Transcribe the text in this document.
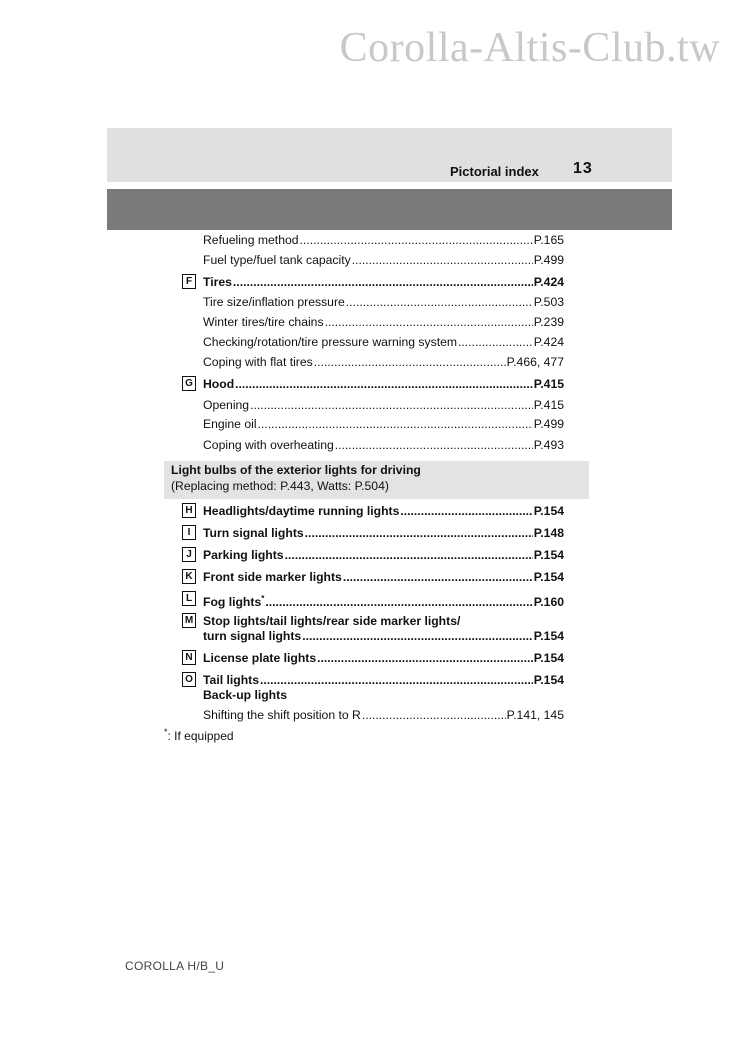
Corolla-Altis-Club.tw
Pictorial index 13
Refueling method .....	P.165
Fuel type/fuel tank capacity .....	P.499
F Tires .....	P.424
Tire size/inflation pressure .....	P.503
Winter tires/tire chains .....	P.239
Checking/rotation/tire pressure warning system .....	P.424
Coping with flat tires .....	P.466, 477
G Hood .....	P.415
Opening .....	P.415
Engine oil .....	P.499
Coping with overheating .....	P.493
Light bulbs of the exterior lights for driving
(Replacing method: P.443, Watts: P.504)
H Headlights/daytime running lights .....	P.154
I	Turn signal lights .....	P.148
J Parking lights .....	P.154
K Front side marker lights .....	P.154
L Fog lights* .....	P.160
M Stop lights/tail lights/rear side marker lights/
turn signal lights .....	P.154
N License plate lights .....	P.154
O Tail lights .....	P.154
Back-up lights
Shifting the shift position to R .....	P.141, 145
*: If equipped
COROLLA H/B_U
